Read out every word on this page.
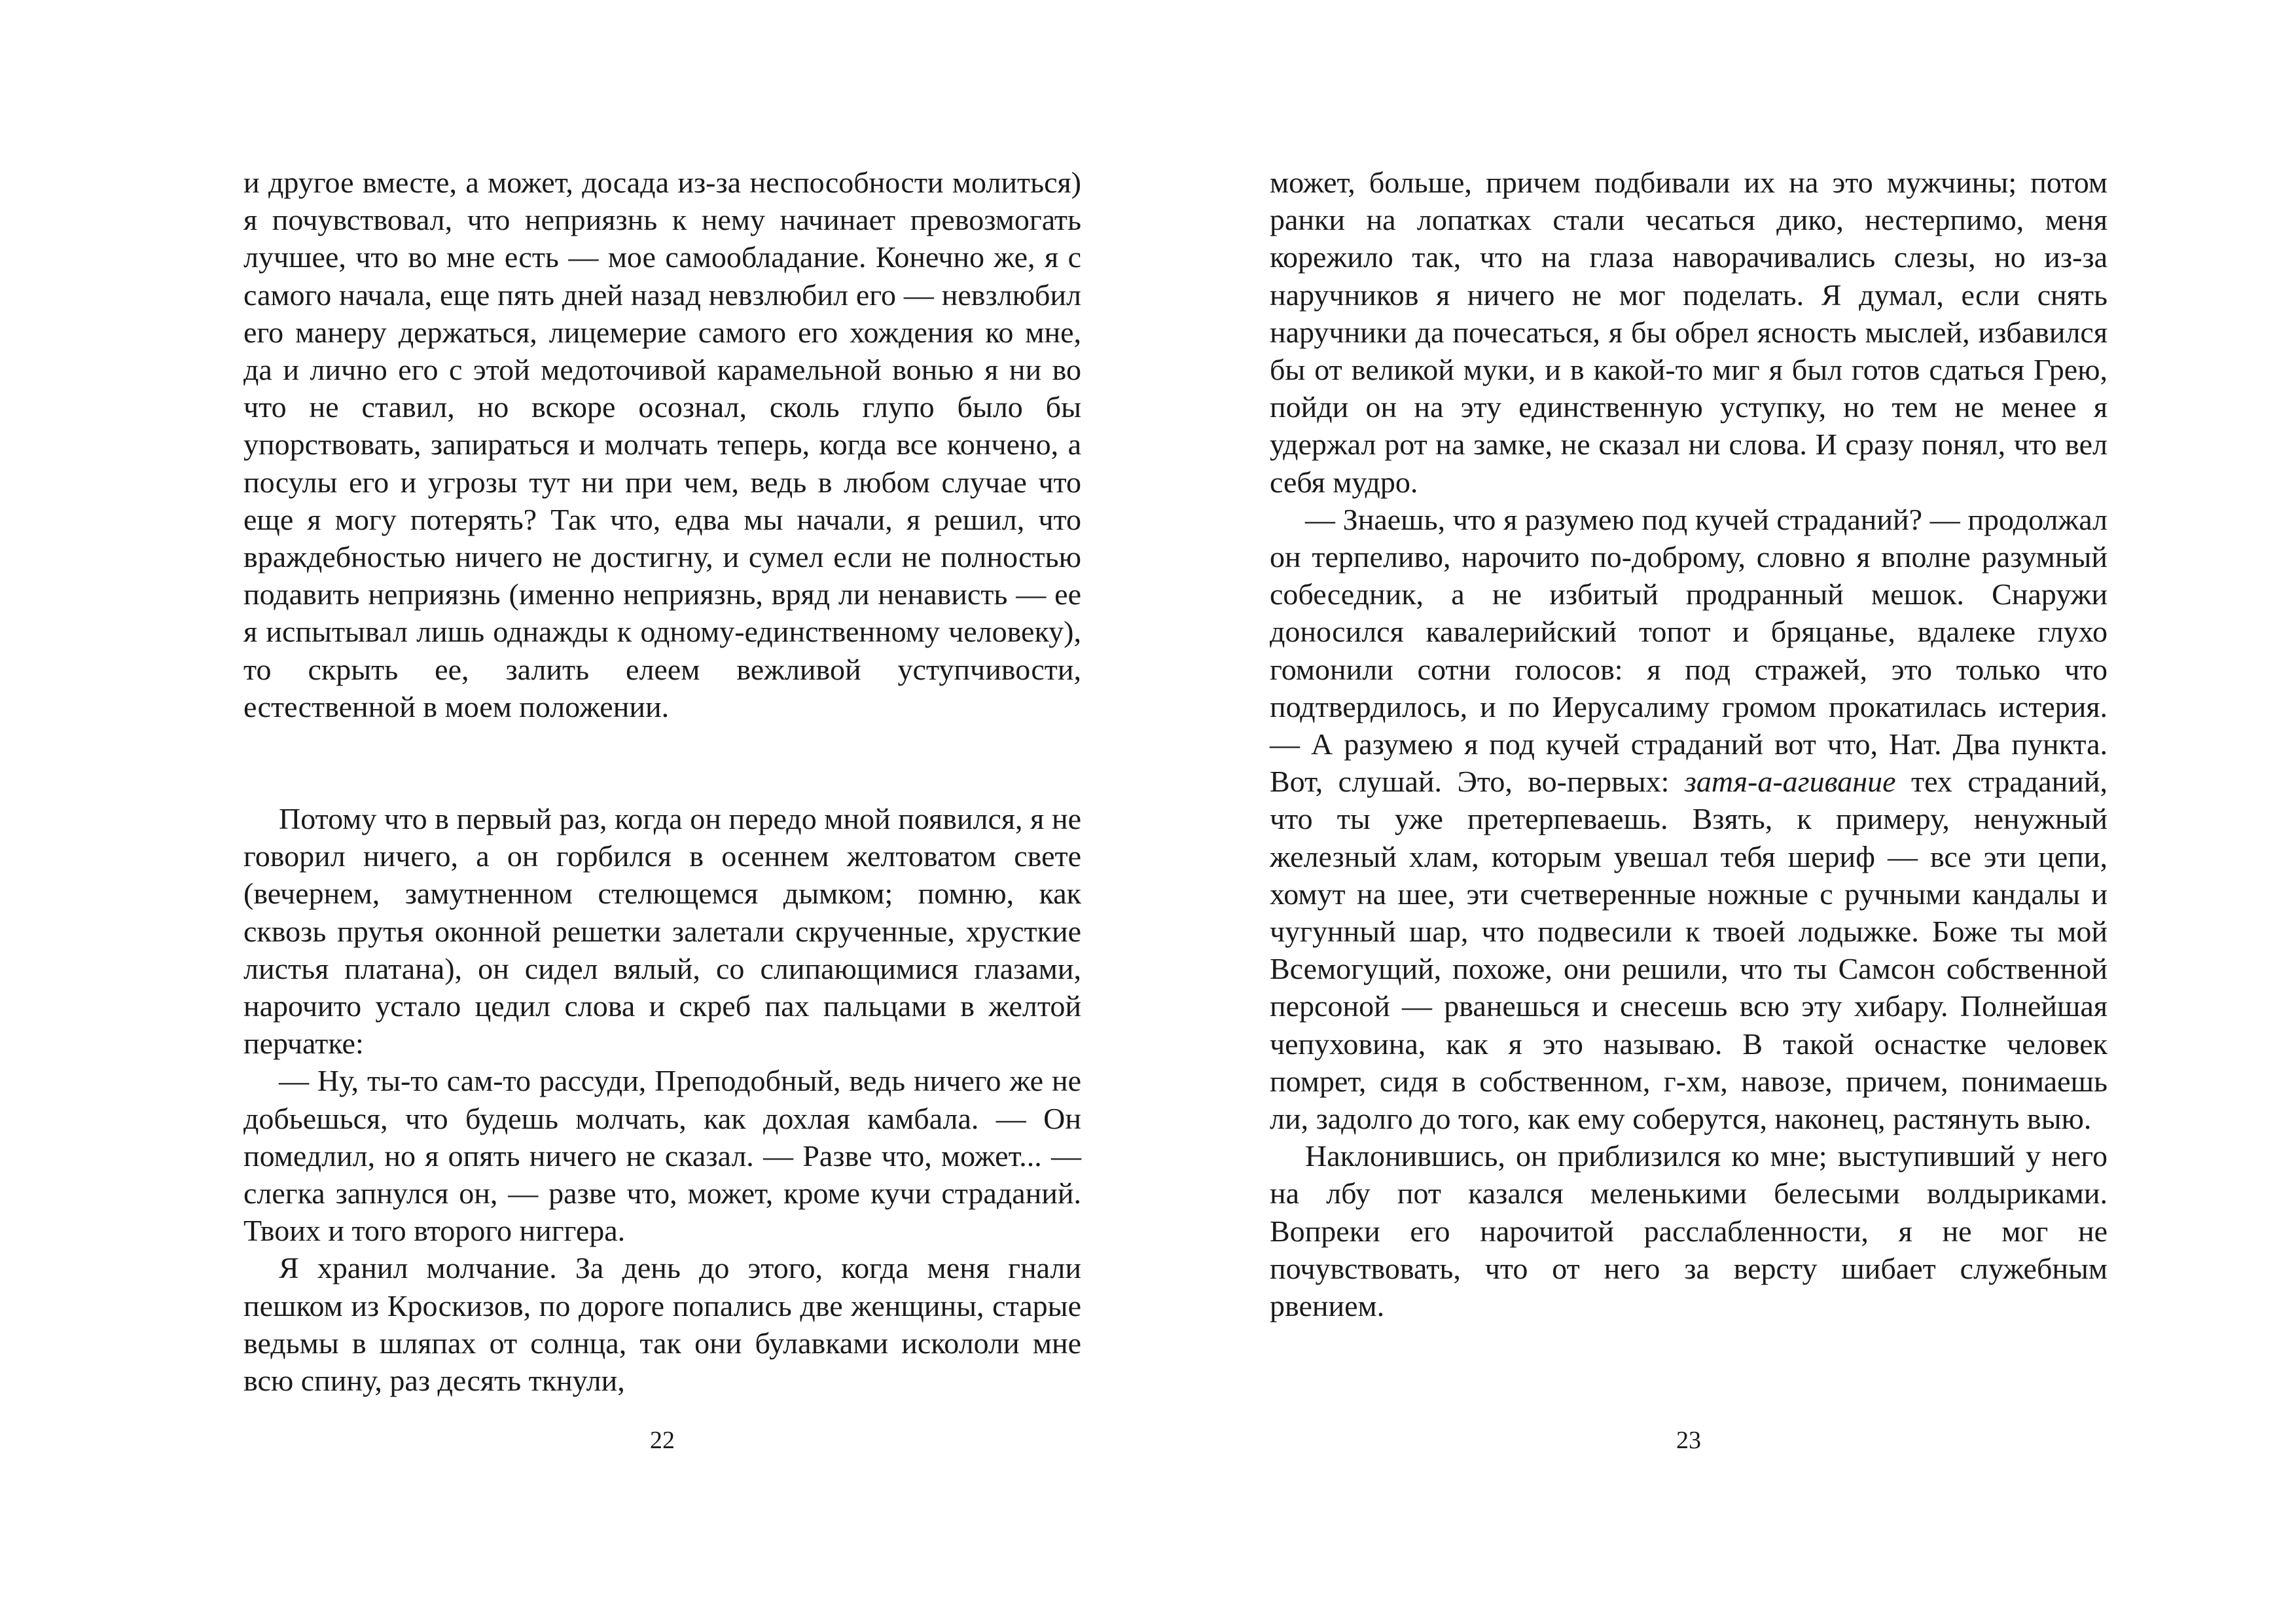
и другое вместе, а может, досада из-за неспособности молиться) я почувствовал, что неприязнь к нему начинает превозмогать лучшее, что во мне есть — мое самообладание. Конечно же, я с самого начала, еще пять дней назад невзлюбил его — невзлюбил его манеру держаться, лицемерие самого его хождения ко мне, да и лично его с этой медоточивой карамельной вонью я ни во что не ставил, но вскоре осознал, сколь глупо было бы упорствовать, запираться и молчать теперь, когда все кончено, а посулы его и угрозы тут ни при чем, ведь в любом случае что еще я могу потерять? Так что, едва мы начали, я решил, что враждебностью ничего не достигну, и сумел если не полностью подавить неприязнь (именно неприязнь, вряд ли ненависть — ее я испытывал лишь однажды к одному-единственному человеку), то скрыть ее, залить елеем вежливой уступчивости, естественной в моем положении.

Потому что в первый раз, когда он передо мной появился, я не говорил ничего, а он горбился в осеннем желтоватом свете (вечернем, замутненном стелющемся дымком; помню, как сквозь прутья оконной решетки залетали скрученные, хрусткие листья платана), он сидел вялый, со слипающимися глазами, нарочито устало цедил слова и скреб пах пальцами в желтой перчатке:

— Ну, ты-то сам-то рассуди, Преподобный, ведь ничего же не добьешься, что будешь молчать, как дохлая камбала. — Он помедлил, но я опять ничего не сказал. — Разве что, может... — слегка запнулся он, — разве что, может, кроме кучи страданий. Твоих и того второго ниггера.

Я хранил молчание. За день до этого, когда меня гнали пешком из Кроскизов, по дороге попались две женщины, старые ведьмы в шляпах от солнца, так они булавками искололи мне всю спину, раз десять ткнули,

22

может, больше, причем подбивали их на это мужчины; потом ранки на лопатках стали чесаться дико, нестерпимо, меня корежило так, что на глаза наворачивались слезы, но из-за наручников я ничего не мог поделать. Я думал, если снять наручники да почесаться, я бы обрел ясность мыслей, избавился бы от великой муки, и в какой-то миг я был готов сдаться Грею, пойди он на эту единственную уступку, но тем не менее я удержал рот на замке, не сказал ни слова. И сразу понял, что вел себя мудро.

— Знаешь, что я разумею под кучей страданий? — продолжал он терпеливо, нарочито по-доброму, словно я вполне разумный собеседник, а не избитый продранный мешок. Снаружи доносился кавалерийский топот и бряцанье, вдалеке глухо гомонили сотни голосов: я под стражей, это только что подтвердилось, и по Иерусалиму громом прокатилась истерия. — А разумею я под кучей страданий вот что, Нат. Два пункта. Вот, слушай. Это, во-первых: затя-а-агивание тех страданий, что ты уже претерпеваешь. Взять, к примеру, ненужный железный хлам, которым увешал тебя шериф — все эти цепи, хомут на шее, эти счетверенные ножные с ручными кандалы и чугунный шар, что подвесили к твоей лодыжке. Боже ты мой Всемогущий, похоже, они решили, что ты Самсон собственной персоной — рванешься и снесешь всю эту хибару. Полнейшая чепуховина, как я это называю. В такой оснастке человек помрет, сидя в собственном, г-хм, навозе, причем, понимаешь ли, задолго до того, как ему соберутся, наконец, растянуть выю.

Наклонившись, он приблизился ко мне; выступивший у него на лбу пот казался меленькими белесыми волдыриками. Вопреки его нарочитой расслабленности, я не мог не почувствовать, что от него за версту шибает служебным рвением.

23
